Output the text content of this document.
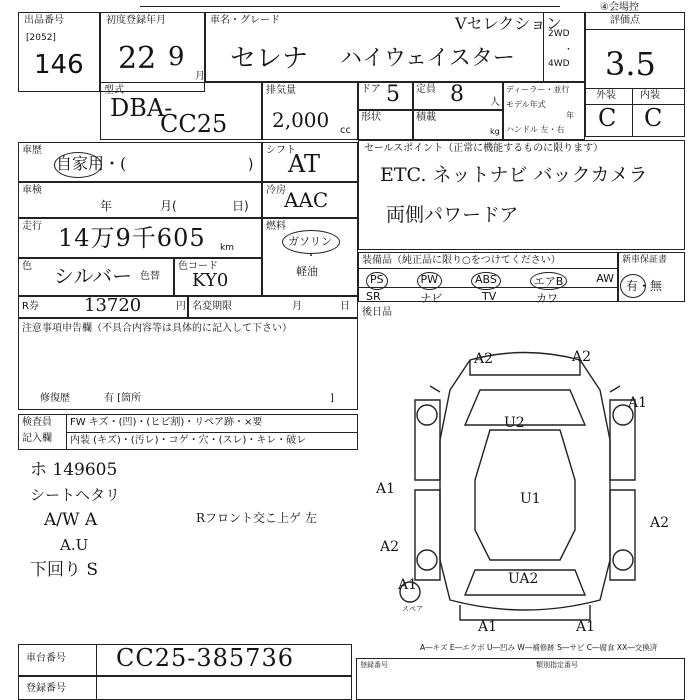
④会場控
出品番号
[2052]
146
初度登録年月
22 9
月
車名・グレード
セレナ ハイウェイスター
Vセレクション
2WD
・
4WD
評価点
3.5
外装 内装
C C
型式
DBA-
CC25
排気量
2,000 cc
ドア 5 定員 8	人
形状	積載
kg
ディーラー・並行
モデル年式
年
ハンドル 左・右
車歴
自家用・(	)
車検
年	月(	日)
走行 14万9千605 km
色 シルバー 色替
色コード
KY0
R券	13720	円 名変期限	月	日
シフト
AT
冷房
AAC
燃料
ガソリン
・
軽油
セールスポイント（正常に機能するものに限ります）
ETC. ネットナビ バックカメラ
両側パワードア
装備品（純正品に限り○をつけてください）
PS	PW	ABS	エアB	AW
SR	ナビ	TV	カワ
新車保証書
有・無
後日品
注意事項申告欄（不具合内容等は具体的に記入して下さい）
修復歴	有 [箇所	]
検査員
記入欄
FW キズ・(凹)・(ヒビ割)・リペア跡・×要
内装 (キズ)・(汚レ)・コゲ・穴・(スレ)・キレ・破レ
ホ 149605
シートヘタリ
A/W A
A.U
下回り S
Rフロント交こ上ゲ 左
A2	A2
A1
U2
U1
A1
A2
A2
A1	UA2
A1	A1
スペア
A―キズ E―エクボ U―凹み W―補修跡 S―サビ C―腐食 XX―交換済
車台番号 CC25-385736
登録番号
類別指定番号
登録番号
